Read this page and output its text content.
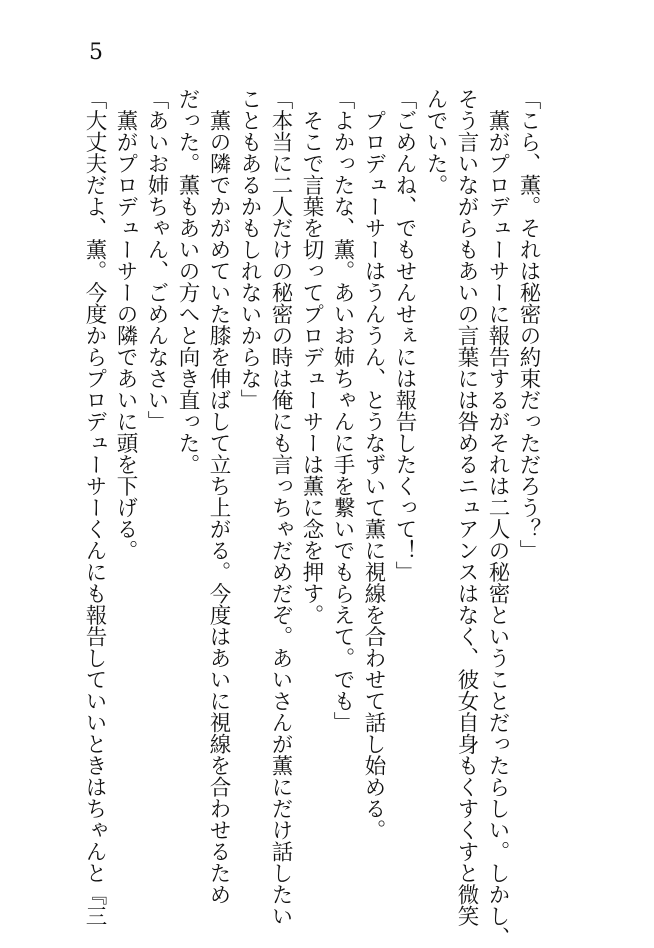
5
「こら、薫。それは秘密の約束だっただろう？」
　薫がプロデューサーに報告するがそれは二人の秘密ということだったらしい。しかし、
そう言いながらもあいの言葉には咎めるニュアンスはなく、彼女自身もくすくすと微笑
んでいた。
「ごめんね、でもせんせぇには報告したくって！」
　プロデューサーはうんうん、とうなずいて薫に視線を合わせて話し始める。
「よかったな、薫。あいお姉ちゃんに手を繋いでもらえて。でも」
　そこで言葉を切ってプロデューサーは薫に念を押す。
「本当に二人だけの秘密の時は俺にも言っちゃだめだぞ。あいさんが薫にだけ話したい
こともあるかもしれないからな」
　薫の隣でかがめていた膝を伸ばして立ち上がる。今度はあいに視線を合わせるため
だった。薫もあいの方へと向き直った。
「あいお姉ちゃん、ごめんなさい」
　薫がプロデューサーの隣であいに頭を下げる。
「大丈夫だよ、薫。今度からプロデューサーくんにも報告していいときはちゃんと『三
